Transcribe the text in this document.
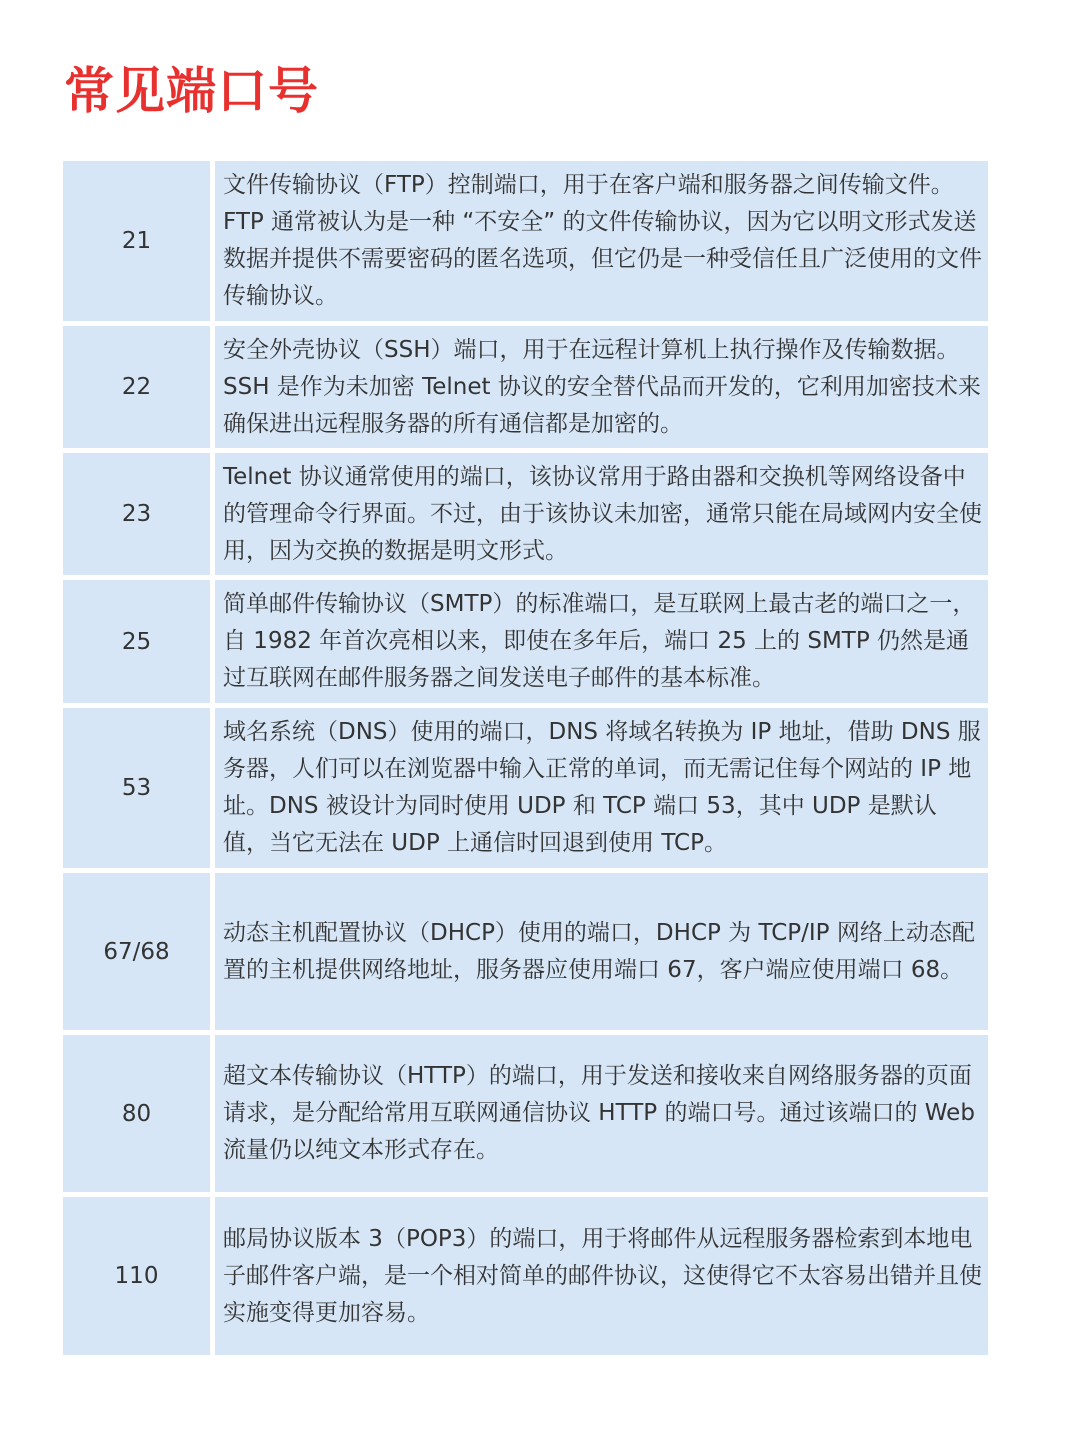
常见端口号
21
文件传输协议（FTP）控制端口，用于在客户端和服务器之间传输文件。FTP 通常被认为是一种 “不安全” 的文件传输协议，因为它以明文形式发送数据并提供不需要密码的匿名选项，但它仍是一种受信任且广泛使用的文件传输协议。
22
安全外壳协议（SSH）端口，用于在远程计算机上执行操作及传输数据。SSH 是作为未加密 Telnet 协议的安全替代品而开发的，它利用加密技术来确保进出远程服务器的所有通信都是加密的。
23
Telnet 协议通常使用的端口，该协议常用于路由器和交换机等网络设备中的管理命令行界面。不过，由于该协议未加密，通常只能在局域网内安全使用，因为交换的数据是明文形式。
25
简单邮件传输协议（SMTP）的标准端口，是互联网上最古老的端口之一，自 1982 年首次亮相以来，即使在多年后，端口 25 上的 SMTP 仍然是通过互联网在邮件服务器之间发送电子邮件的基本标准。
53
域名系统（DNS）使用的端口，DNS 将域名转换为 IP 地址，借助 DNS 服务器，人们可以在浏览器中输入正常的单词，而无需记住每个网站的 IP 地址。DNS 被设计为同时使用 UDP 和 TCP 端口 53，其中 UDP 是默认值，当它无法在 UDP 上通信时回退到使用 TCP。
67/68
动态主机配置协议（DHCP）使用的端口，DHCP 为 TCP/IP 网络上动态配置的主机提供网络地址，服务器应使用端口 67，客户端应使用端口 68。
80
超文本传输协议（HTTP）的端口，用于发送和接收来自网络服务器的页面请求，是分配给常用互联网通信协议 HTTP 的端口号。通过该端口的 Web 流量仍以纯文本形式存在。
110
邮局协议版本 3（POP3）的端口，用于将邮件从远程服务器检索到本地电子邮件客户端，是一个相对简单的邮件协议，这使得它不太容易出错并且使实施变得更加容易。
